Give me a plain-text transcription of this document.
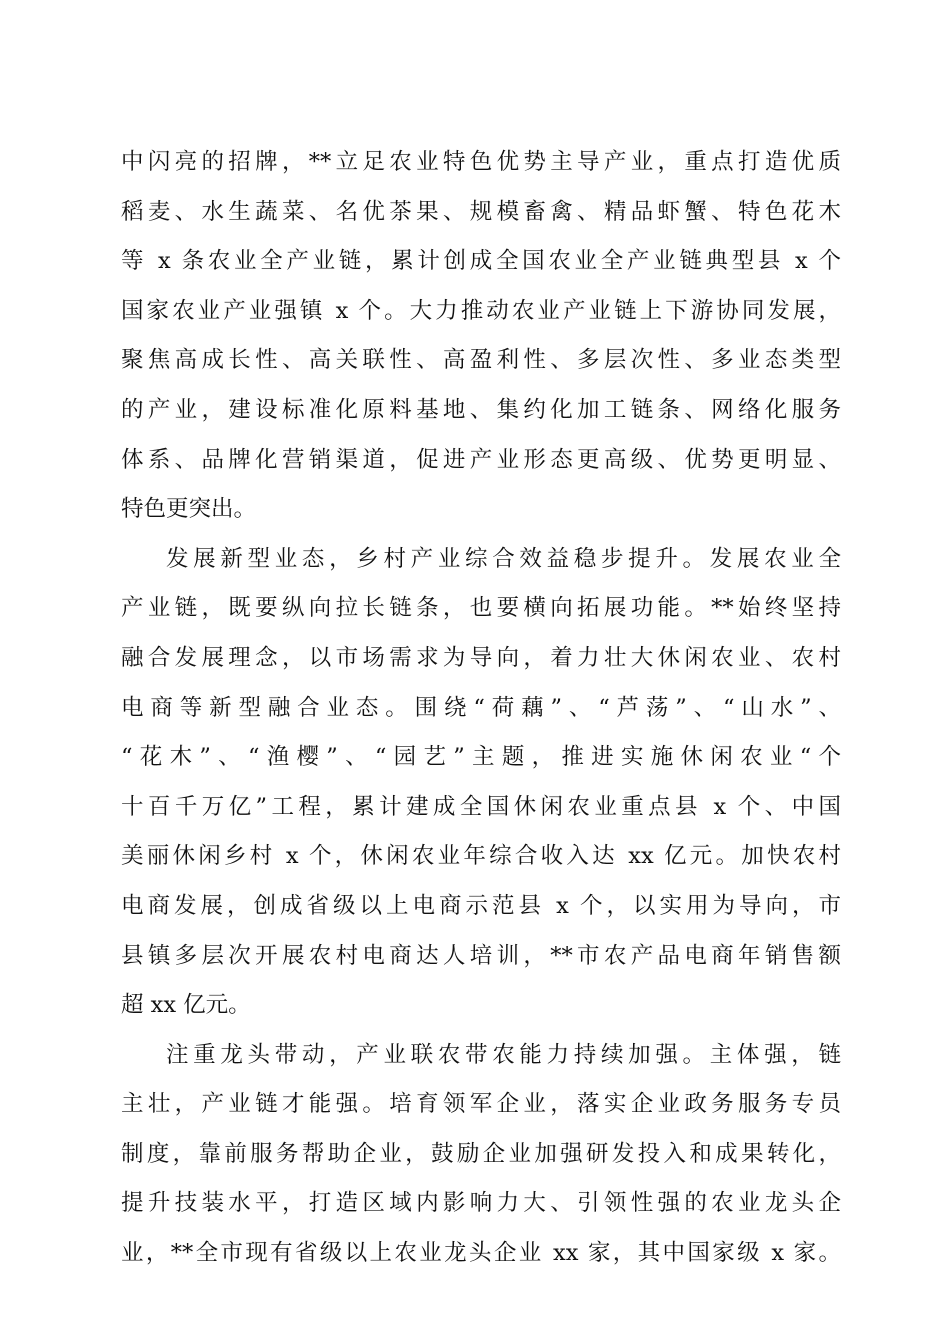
中闪亮的招牌，**立足农业特色优势主导产业，重点打造优质
稻麦、水生蔬菜、名优茶果、规模畜禽、精品虾蟹、特色花木
等 x 条农业全产业链，累计创成全国农业全产业链典型县 x 个
国家农业产业强镇 x 个。大力推动农业产业链上下游协同发展，
聚焦高成长性、高关联性、高盈利性、多层次性、多业态类型
的产业，建设标准化原料基地、集约化加工链条、网络化服务
体系、品牌化营销渠道，促进产业形态更高级、优势更明显、
特色更突出。
发展新型业态，乡村产业综合效益稳步提升。发展农业全
产业链，既要纵向拉长链条，也要横向拓展功能。**始终坚持
融合发展理念，以市场需求为导向，着力壮大休闲农业、农村
电商等新型融合业态。围绕“荷藕”、“芦荡”、“山水”、
“花木”、“渔樱”、“园艺”主题，推进实施休闲农业“个
十百千万亿”工程，累计建成全国休闲农业重点县 x 个、中国
美丽休闲乡村 x 个，休闲农业年综合收入达 xx 亿元。加快农村
电商发展，创成省级以上电商示范县 x 个，以实用为导向，市
县镇多层次开展农村电商达人培训，**市农产品电商年销售额
超 xx 亿元。
注重龙头带动，产业联农带农能力持续加强。主体强，链
主壮，产业链才能强。培育领军企业，落实企业政务服务专员
制度，靠前服务帮助企业，鼓励企业加强研发投入和成果转化，
提升技装水平，打造区域内影响力大、引领性强的农业龙头企
业，**全市现有省级以上农业龙头企业 xx 家，其中国家级 x 家。
